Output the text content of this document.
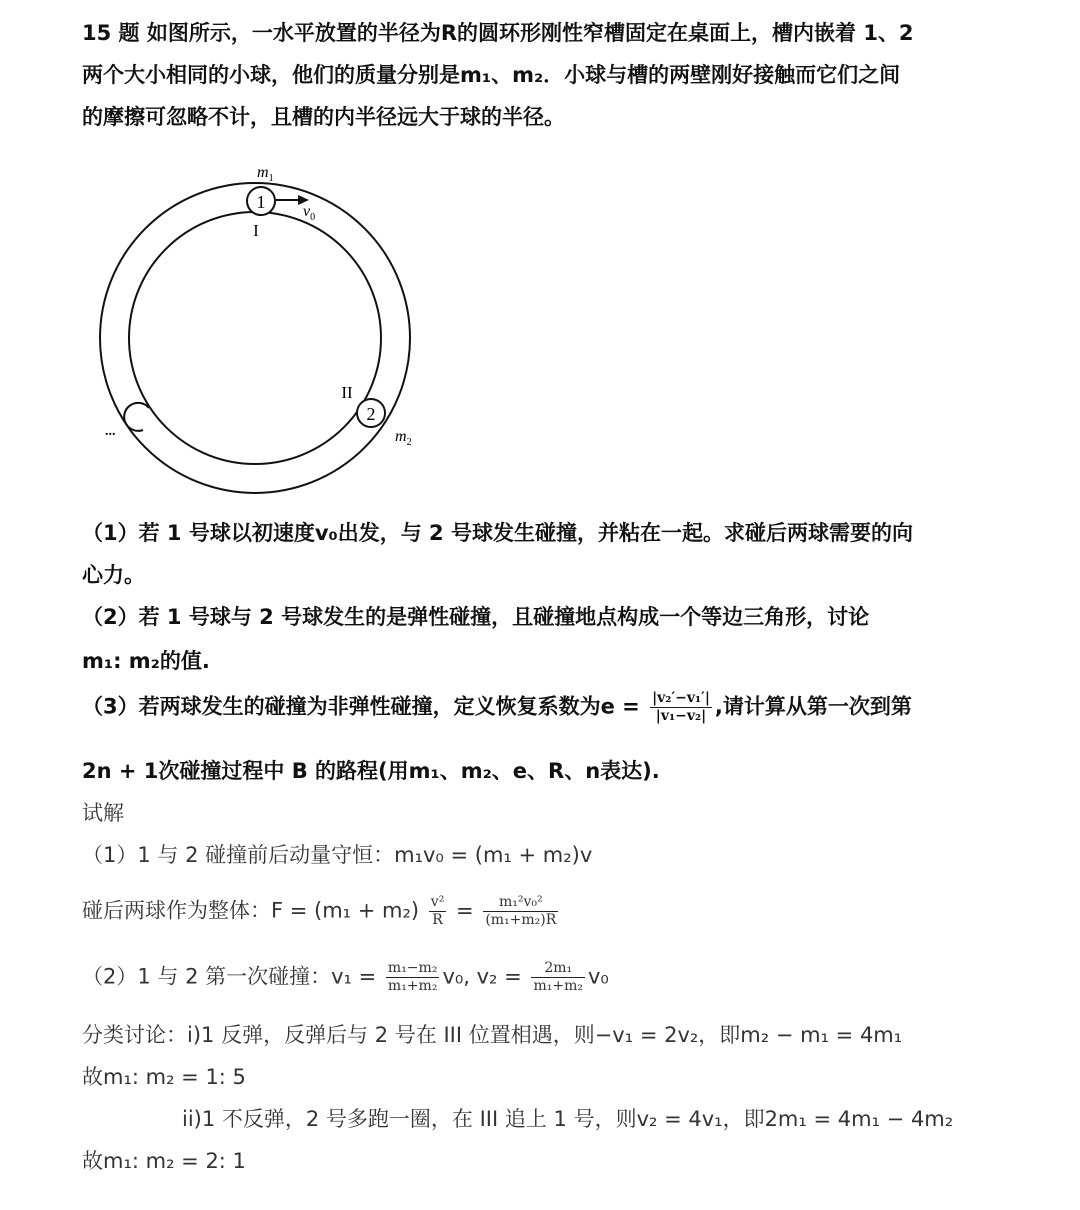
15 题 如图所示，一水平放置的半径为R的圆环形刚性窄槽固定在桌面上，槽内嵌着 1、2
两个大小相同的小球，他们的质量分别是m₁、m₂．小球与槽的两壁刚好接触而它们之间
的摩擦可忽略不计，且槽的内半径远大于球的半径。
1 $v_0$
$m_1$
I
2
II
$m_2$
...
（1）若 1 号球以初速度v₀出发，与 2 号球发生碰撞，并粘在一起。求碰后两球需要的向
心力。
（2）若 1 号球与 2 号球发生的是弹性碰撞，且碰撞地点构成一个等边三角形，讨论
m₁: m₂的值.
（3）若两球发生的碰撞为非弹性碰撞，定义恢复系数为$e = \frac{\text{|v₂′−v₁′|}}{\text{|v₁−v₂|}}$ ,请计算从第一次到第
2n + 1次碰撞过程中 B 的路程(用m₁、m₂、e、R、n表达).
试解
（1）1 与 2 碰撞前后动量守恒：m₁v₀ = (m₁ + m₂)v
碰后两球作为整体：$F = (m_1 + m_2) \frac{\text{v²}}{R} = \frac{\text{m₁²v₀²}}{\text{(m₁+m₂)R}}$
（2）1 与 2 第一次碰撞：$v_1 = \frac{\text{m₁−m₂}}{\text{m₁+m₂}} v_0$, $v_2 = \frac{\text{2m₁}}{\text{m₁+m₂}} v_0$
分类讨论：i)1 反弹，反弹后与 2 号在 III 位置相遇，则−v₁ = 2v₂，即m₂ − m₁ = 4m₁
故m₁: m₂ = 1: 5
ii)1 不反弹，2 号多跑一圈，在 III 追上 1 号，则v₂ = 4v₁，即2m₁ = 4m₁ − 4m₂
故m₁: m₂ = 2: 1
